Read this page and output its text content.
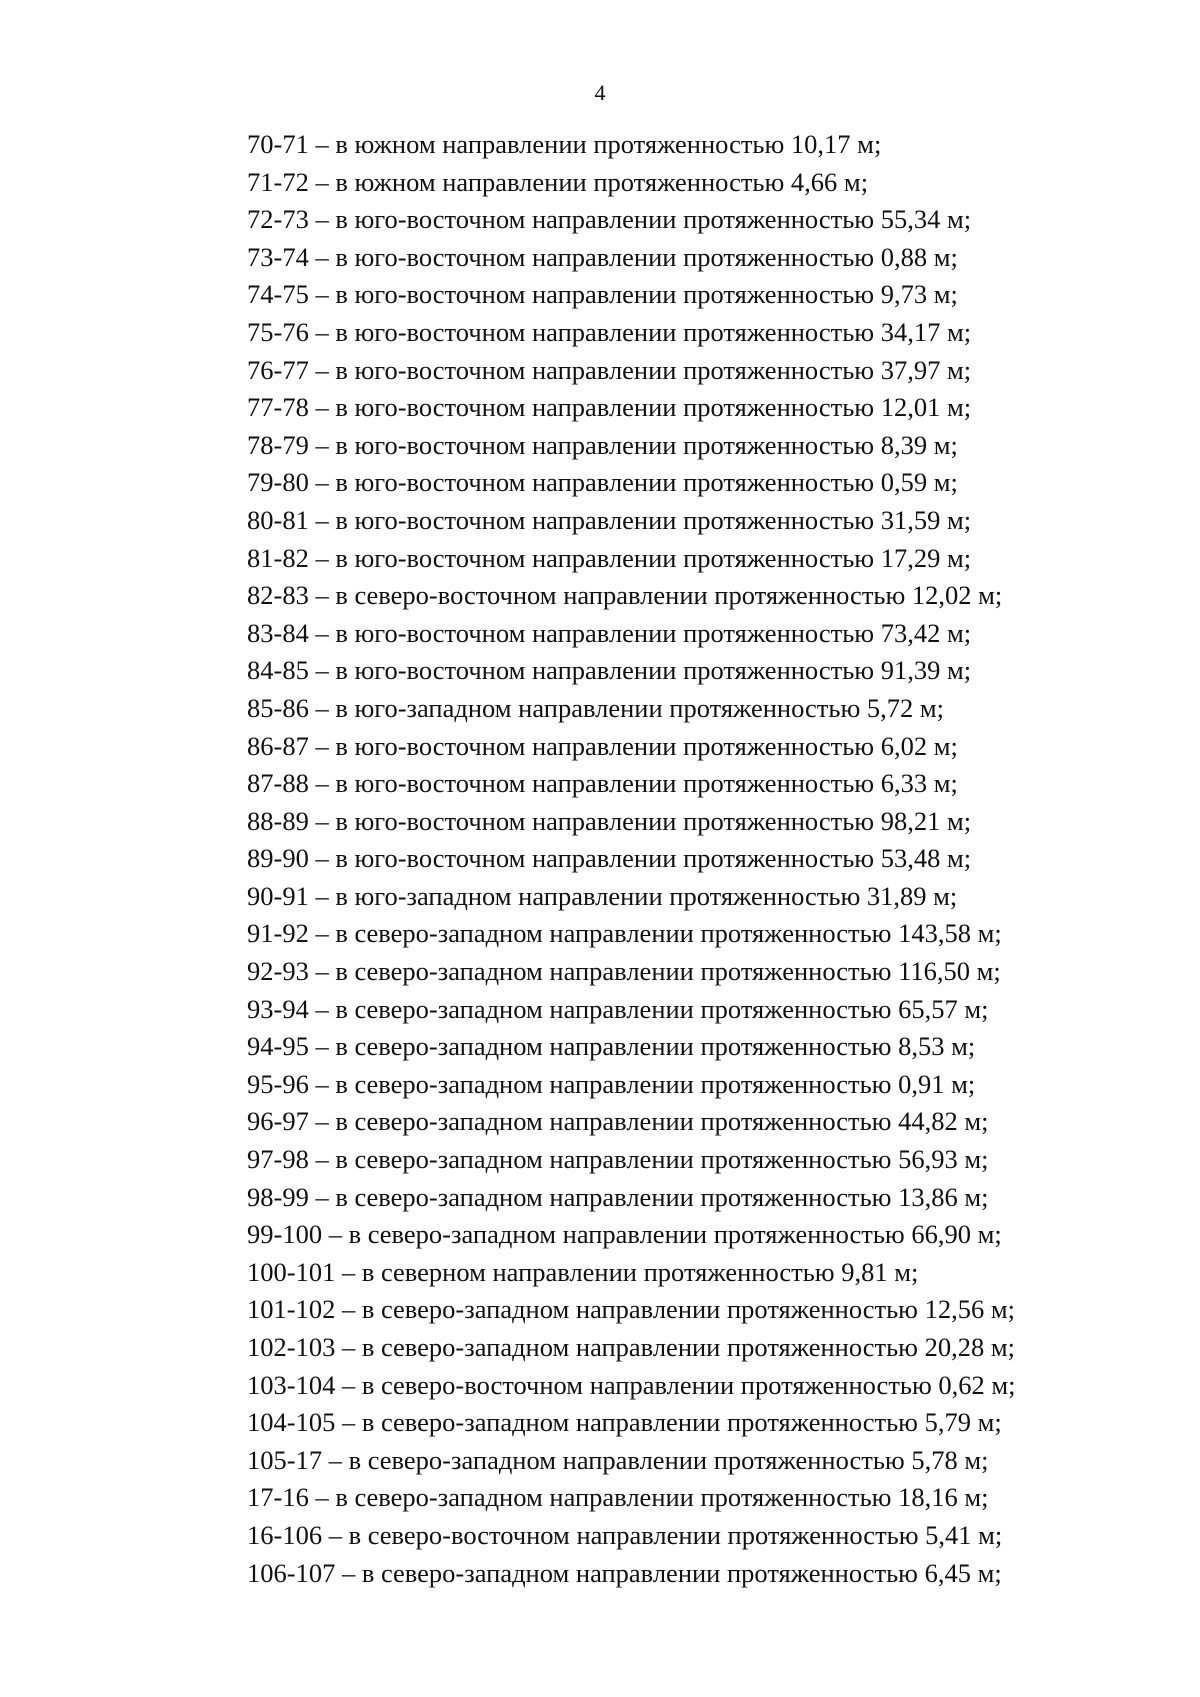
4
70-71 – в южном направлении протяженностью 10,17 м;
71-72 – в южном направлении протяженностью 4,66 м;
72-73 – в юго-восточном направлении протяженностью 55,34 м;
73-74 – в юго-восточном направлении протяженностью 0,88 м;
74-75 – в юго-восточном направлении протяженностью 9,73 м;
75-76 – в юго-восточном направлении протяженностью 34,17 м;
76-77 – в юго-восточном направлении протяженностью 37,97 м;
77-78 – в юго-восточном направлении протяженностью 12,01 м;
78-79 – в юго-восточном направлении протяженностью 8,39 м;
79-80 – в юго-восточном направлении протяженностью 0,59 м;
80-81 – в юго-восточном направлении протяженностью 31,59 м;
81-82 – в юго-восточном направлении протяженностью 17,29 м;
82-83 – в северо-восточном направлении протяженностью 12,02 м;
83-84 – в юго-восточном направлении протяженностью 73,42 м;
84-85 – в юго-восточном направлении протяженностью 91,39 м;
85-86 – в юго-западном направлении протяженностью 5,72 м;
86-87 – в юго-восточном направлении протяженностью 6,02 м;
87-88 – в юго-восточном направлении протяженностью 6,33 м;
88-89 – в юго-восточном направлении протяженностью 98,21 м;
89-90 – в юго-восточном направлении протяженностью 53,48 м;
90-91 – в юго-западном направлении протяженностью 31,89 м;
91-92 – в северо-западном направлении протяженностью 143,58 м;
92-93 – в северо-западном направлении протяженностью 116,50 м;
93-94 – в северо-западном направлении протяженностью 65,57 м;
94-95 – в северо-западном направлении протяженностью 8,53 м;
95-96 – в северо-западном направлении протяженностью 0,91 м;
96-97 – в северо-западном направлении протяженностью 44,82 м;
97-98 – в северо-западном направлении протяженностью 56,93 м;
98-99 – в северо-западном направлении протяженностью 13,86 м;
99-100 – в северо-западном направлении протяженностью 66,90 м;
100-101 – в северном направлении протяженностью 9,81 м;
101-102 – в северо-западном направлении протяженностью 12,56 м;
102-103 – в северо-западном направлении протяженностью 20,28 м;
103-104 – в северо-восточном направлении протяженностью 0,62 м;
104-105 – в северо-западном направлении протяженностью 5,79 м;
105-17 – в северо-западном направлении протяженностью 5,78 м;
17-16 – в северо-западном направлении протяженностью 18,16 м;
16-106 – в северо-восточном направлении протяженностью 5,41 м;
106-107 – в северо-западном направлении протяженностью 6,45 м;
